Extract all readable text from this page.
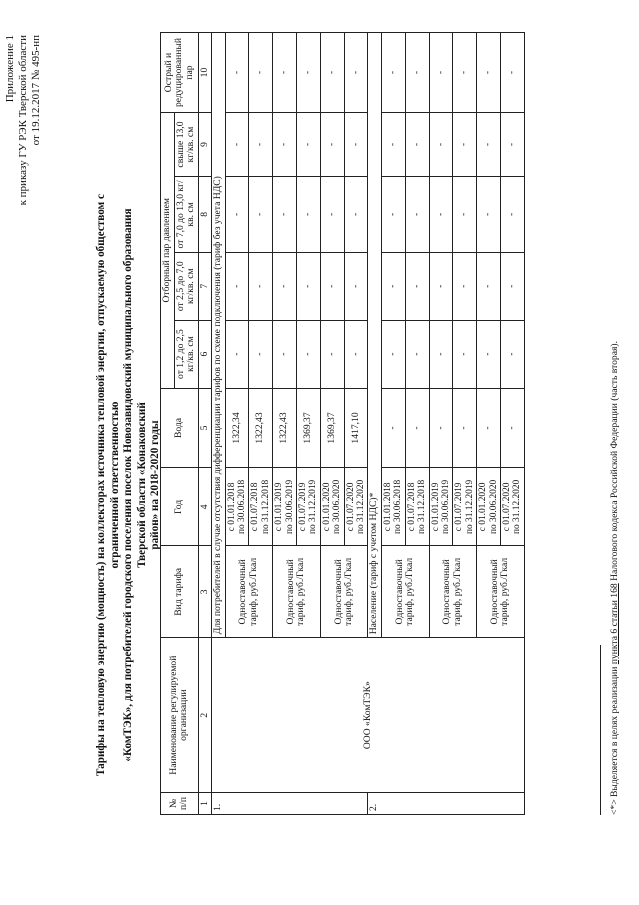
Приложение 1 к приказу ГУ РЭК Тверской области от 19.12.2017 № 495-нп
Тарифы на тепловую энергию (мощность) на коллекторах источника тепловой энергии, отпускаемую обществом с ограниченной ответственностью «КомТЭК», для потребителей городского поселения поселок Новозавидовский муниципального образования Тверской области «Конаковский район» на 2018-2020 годы
№ п/п	Наименование регулируемой организации	Вид тарифа	Год	Вода	Отборный пар давлением				Острый и редуцированный пар
					от 1,2 до 2,5 кг/кв. см	от 2,5 до 7,0 кг/кв. см	от 7,0 до 13,0 кг/кв. см	свыше 13,0 кг/кв. см	
1	2	3	4	5	6	7	8	9	10
1.	ООО «КомТЭК»	Для потребителей в случае отсутствия дифференциации тарифов по схеме подключения (тариф без учета НДС)							
		Одноставочный тариф, руб./Гкал	с 01.01.2018
по 30.06.2018	1322,34	-	-	-	-	-
			с 01.07.2018
по 31.12.2018	1322,43	-	-	-	-	-
		Одноставочный тариф, руб./Гкал	с 01.01.2019
по 30.06.2019	1322,43	-	-	-	-	-
			с 01.07.2019
по 31.12.2019	1369,37	-	-	-	-	-
		Одноставочный тариф, руб./Гкал	с 01.01.2020
по 30.06.2020	1369,37	-	-	-	-	-
			с 01.07.2020
по 31.12.2020	1417,10	-	-	-	-	-
2.		Население (тариф с учетом НДС)*							
		Одноставочный тариф, руб./Гкал	с 01.01.2018
по 30.06.2018	-	-	-	-	-	-
			с 01.07.2018
по 31.12.2018	-	-	-	-	-	-
		Одноставочный тариф, руб./Гкал	с 01.01.2019
по 30.06.2019	-	-	-	-	-	-
			с 01.07.2019
по 31.12.2019	-	-	-	-	-	-
		Одноставочный тариф, руб./Гкал	с 01.01.2020
по 30.06.2020	-	-	-	-	-	-
			с 01.07.2020
по 31.12.2020	-	-	-	-	-	-
<*> Выделяется в целях реализации пункта 6 статьи 168 Налогового кодекса Российской Федерации (часть вторая).
